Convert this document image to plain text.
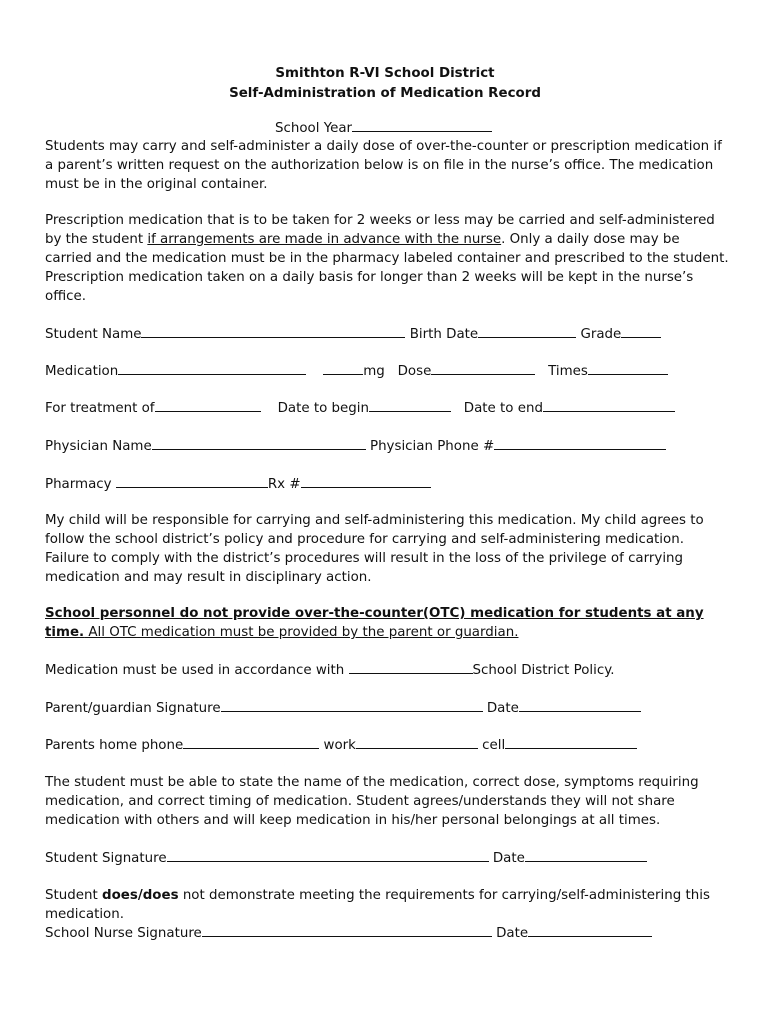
Smithton R-VI School District
Self-Administration of Medication Record
School Year
Students may carry and self-administer a daily dose of over-the-counter or prescription medication if
a parent’s written request on the authorization below is on file in the nurse’s office. The medication
must be in the original container.
Prescription medication that is to be taken for 2 weeks or less may be carried and self-administered
by the student if arrangements are made in advance with the nurse. Only a daily dose may be
carried and the medication must be in the pharmacy labeled container and prescribed to the student.
Prescription medication taken on a daily basis for longer than 2 weeks will be kept in the nurse’s
office.
Student Name	Birth Date	Grade
Medication	mg Dose	Times
For treatment of	Date to begin	Date to end
Physician Name	Physician Phone #
Pharmacy	Rx #
My child will be responsible for carrying and self-administering this medication. My child agrees to
follow the school district’s policy and procedure for carrying and self-administering medication.
Failure to comply with the district’s procedures will result in the loss of the privilege of carrying
medication and may result in disciplinary action.
School personnel do not provide over-the-counter(OTC) medication for students at any
time. All OTC medication must be provided by the parent or guardian.
Medication must be used in accordance with	School District Policy.
Parent/guardian Signature	Date
Parents home phone	work	cell
The student must be able to state the name of the medication, correct dose, symptoms requiring
medication, and correct timing of medication. Student agrees/understands they will not share
medication with others and will keep medication in his/her personal belongings at all times.
Student Signature	Date
Student does/does not demonstrate meeting the requirements for carrying/self-administering this
medication.
School Nurse Signature	Date
